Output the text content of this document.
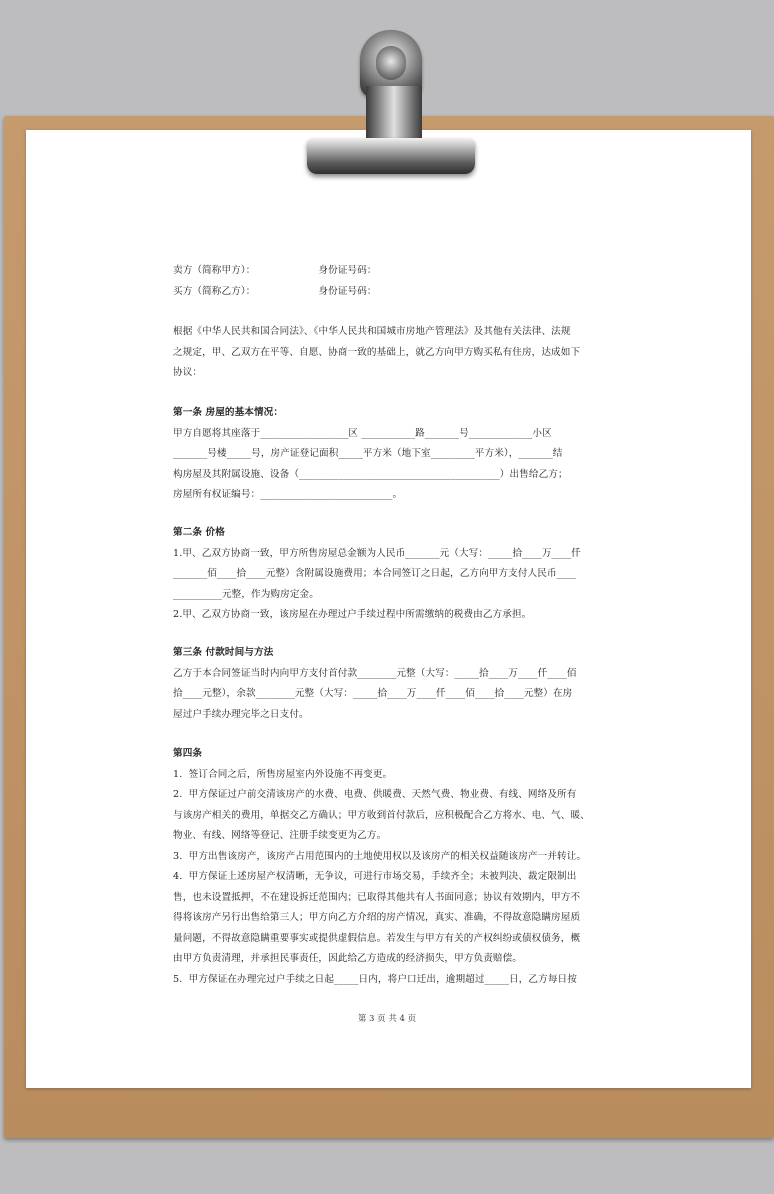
卖方（简称甲方）：                    身份证号码：
买方（简称乙方）：                    身份证号码：
根据《中华人民共和国合同法》、《中华人民共和国城市房地产管理法》及其他有关法律、法规
之规定，甲、乙双方在平等、自愿、协商一致的基础上，就乙方向甲方购买私有住房，达成如下
协议：
第一条 房屋的基本情况：
甲方自愿将其座落于__________________区 ___________路_______号_____________小区
_______号楼_____号，房产证登记面积_____平方米（地下室_________平方米），_______结
构房屋及其附属设施、设备（_________________________________________）出售给乙方；
房屋所有权证编号：___________________________。
第二条 价格
1.甲、乙双方协商一致，甲方所售房屋总金额为人民币_______元（大写：_____拾____万____仟
_______佰____拾____元整）含附属设施费用；本合同签订之日起，乙方向甲方支付人民币____
__________元整，作为购房定金。
2.甲、乙双方协商一致，该房屋在办理过户手续过程中所需缴纳的税费由乙方承担。
第三条 付款时间与方法
乙方于本合同签证当时内向甲方支付首付款________元整（大写：_____拾____万____仟____佰
拾____元整），余款________元整（大写：_____拾____万____仟____佰____拾____元整）在房
屋过户手续办理完毕之日支付。
第四条
1.  签订合同之后，所售房屋室内外设施不再变更。
2.  甲方保证过户前交清该房产的水费、电费、供暖费、天然气费、物业费、有线、网络及所有
与该房产相关的费用，单据交乙方确认；甲方收到首付款后，应积极配合乙方将水、电、气、暖、
物业、有线、网络等登记、注册手续变更为乙方。
3.  甲方出售该房产，该房产占用范围内的土地使用权以及该房产的相关权益随该房产一并转让。
4.  甲方保证上述房屋产权清晰，无争议，可进行市场交易，手续齐全；未被判决、裁定限制出
售，也未设置抵押，不在建设拆迁范围内；已取得其他共有人书面同意；协议有效期内，甲方不
得将该房产另行出售给第三人；甲方向乙方介绍的房产情况，真实、准确，不得故意隐瞒房屋质
量问题，不得故意隐瞒重要事实或提供虚假信息。若发生与甲方有关的产权纠纷或债权债务，概
由甲方负责清理，并承担民事责任，因此给乙方造成的经济损失，甲方负责赔偿。
5.  甲方保证在办理完过户手续之日起_____日内，将户口迁出，逾期超过_____日，乙方每日按
第 3 页 共 4 页
